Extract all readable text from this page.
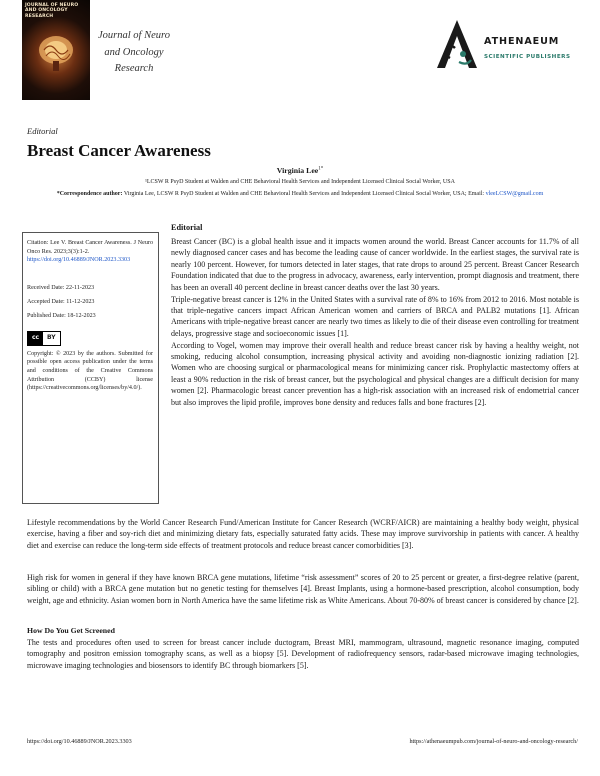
JOURNAL OF NEURO AND ONCOLOGY RESEARCH
Journal of Neuro
and Oncology
Research
ATHENAEUM
SCIENTIFIC PUBLISHERS
Editorial
Breast Cancer Awareness
Virginia Lee$^{1*}$
¹LCSW R PsyD Student at Walden and CHE Behavioral Health Services and Independent Licensed Clinical Social Worker, USA
*Correspondence author: Virginia Lee, LCSW R PsyD Student at Walden and CHE Behavioral Health Services and Independent Licensed Clinical Social Worker, USA; Email: vleeLCSW@gmail.com

Citation: Lee V. Breast Cancer Awareness. J Neuro Onco Res. 2023;3(3):1-2.

https://doi.org/10.46889/JNOR.2023.3303

Received Date: 22-11-2023
Accepted Date: 11-12-2023
Published Date: 18-12-2023
cc	BY

Copyright: © 2023 by the authors. Submitted for possible open access publication under the terms and conditions of the Creative Commons Attribution (CCBY) license (https://creativecommons.org/licenses/by/4.0/).

Editorial

Breast Cancer (BC) is a global health issue and it impacts women around the world. Breast Cancer accounts for 11.7% of all newly diagnosed cancer cases and has become the leading cause of cancer worldwide. In the earliest stages, the survival rate is nearly 100 percent. However, for tumors detected in later stages, that rate drops to around 25 percent. Breast Cancer Research Foundation indicated that due to the progress in advocacy, awareness, early intervention, prompt diagnosis and treatment, there has been an overall 40 percent decline in breast cancer deaths over the last 30 years.

Triple-negative breast cancer is 12% in the United States with a survival rate of 8% to 16% from 2012 to 2016. Most notable is that triple-negative cancers impact African American women and carriers of BRCA and PALB2 mutations [1]. African Americans with triple-negative breast cancer are nearly two times as likely to die of their disease even controlling for treatment delays, progressive stage and socioeconomic issues [1].

According to Vogel, women may improve their overall health and reduce breast cancer risk by having a healthy weight, not smoking, reducing alcohol consumption, increasing physical activity and avoiding non-diagnostic ionizing radiation [2]. Women who are choosing surgical or pharmacological means for minimizing cancer risk. Prophylactic mastectomy offers at least a 90% reduction in the risk of breast cancer, but the psychological and physical changes are a difficult decision for many women [2]. Pharmacologic breast cancer prevention has a high-risk association with an increased risk of endometrial cancer but also improves the lipid profile, improves bone density and reduces falls and bone fractures [2].

Lifestyle recommendations by the World Cancer Research Fund/American Institute for Cancer Research (WCRF/AICR) are maintaining a healthy body weight, physical exercise, having a fiber and soy-rich diet and minimizing dietary fats, especially saturated fatty acids. These may improve survivorship in patients with cancer. A healthy diet and exercise can reduce the long-term side effects of treatment protocols and reduce breast cancer comorbidities [3].

High risk for women in general if they have known BRCA gene mutations, lifetime “risk assessment” scores of 20 to 25 percent or greater, a first-degree relative (parent, sibling or child) with a BRCA gene mutation but no genetic testing for themselves [4]. Breast Implants, using a hormone-based prescription, alcohol consumption, body weight, age and ethnicity. Asian women born in North America have the same lifetime risk as White Americans. About 70-80% of breast cancer is considered by chance [2].

How Do You Get Screened

The tests and procedures often used to screen for breast cancer include ductogram, Breast MRI, mammogram, ultrasound, magnetic resonance imaging, computed tomography and positron emission tomography scans, as well as a biopsy [5]. Development of radiofrequency sensors, radar-based microwave imaging technologies, microwave imaging technologies and biosensors to identify BC through biomarkers [5].

https://doi.org/10.46889/JNOR.2023.3303	https://athenaeumpub.com/journal-of-neuro-and-oncology-research/
